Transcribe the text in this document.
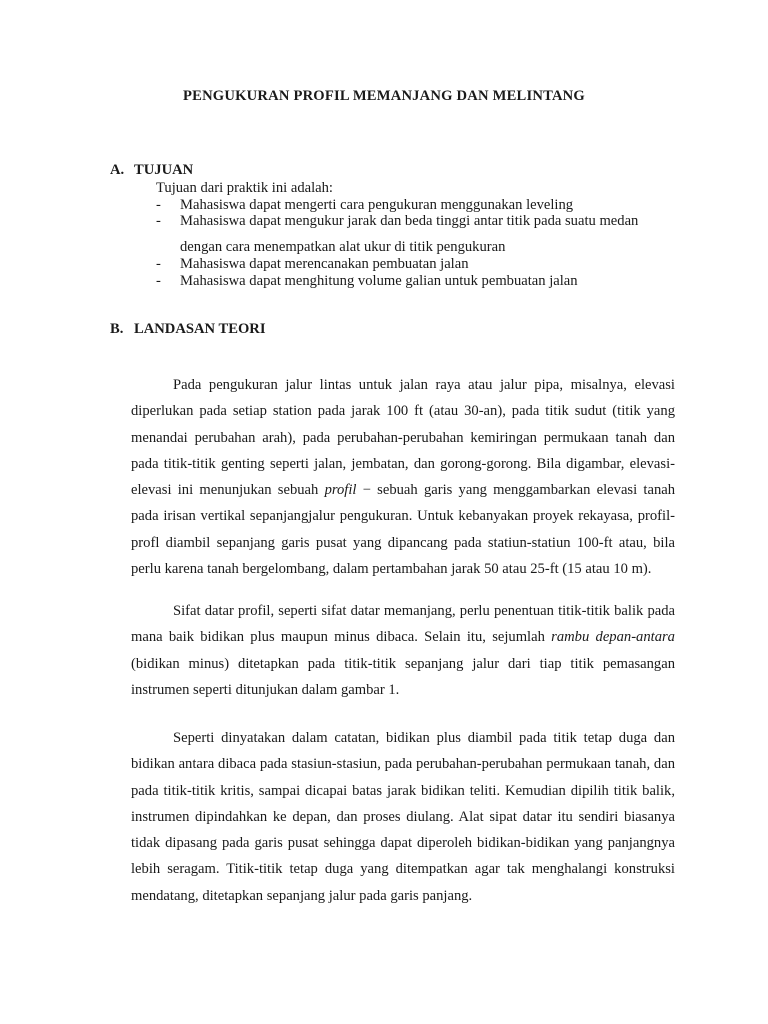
PENGUKURAN PROFIL MEMANJANG DAN MELINTANG
A. TUJUAN
Tujuan dari praktik ini adalah:
- Mahasiswa dapat mengerti cara pengukuran menggunakan leveling
- Mahasiswa dapat mengukur jarak dan beda tinggi antar titik pada suatu medan
dengan cara menempatkan alat ukur di titik pengukuran
- Mahasiswa dapat merencanakan pembuatan jalan
- Mahasiswa dapat menghitung volume galian untuk pembuatan jalan
B. LANDASAN TEORI
Pada pengukuran jalur lintas untuk jalan raya atau jalur pipa, misalnya, elevasi diperlukan pada setiap station pada jarak 100 ft (atau 30-an), pada titik sudut (titik yang menandai perubahan arah), pada perubahan-perubahan kemiringan permukaan tanah dan pada titik-titik genting seperti jalan, jembatan, dan gorong-gorong. Bila digambar, elevasi-elevasi ini menunjukan sebuah profil − sebuah garis yang menggambarkan elevasi tanah pada irisan vertikal sepanjangjalur pengukuran. Untuk kebanyakan proyek rekayasa, profil-profl diambil sepanjang garis pusat yang dipancang pada statiun-statiun 100-ft atau, bila perlu karena tanah bergelombang, dalam pertambahan jarak 50 atau 25-ft (15 atau 10 m).
Sifat datar profil, seperti sifat datar memanjang, perlu penentuan titik-titik balik pada mana baik bidikan plus maupun minus dibaca. Selain itu, sejumlah rambu depan-antara (bidikan minus) ditetapkan pada titik-titik sepanjang jalur dari tiap titik pemasangan instrumen seperti ditunjukan dalam gambar 1.
Seperti dinyatakan dalam catatan, bidikan plus diambil pada titik tetap duga dan bidikan antara dibaca pada stasiun-stasiun, pada perubahan-perubahan permukaan tanah, dan pada titik-titik kritis, sampai dicapai batas jarak bidikan teliti. Kemudian dipilih titik balik, instrumen dipindahkan ke depan, dan proses diulang. Alat sipat datar itu sendiri biasanya tidak dipasang pada garis pusat sehingga dapat diperoleh bidikan-bidikan yang panjangnya lebih seragam. Titik-titik tetap duga yang ditempatkan agar tak menghalangi konstruksi mendatang, ditetapkan sepanjang jalur pada garis panjang.
